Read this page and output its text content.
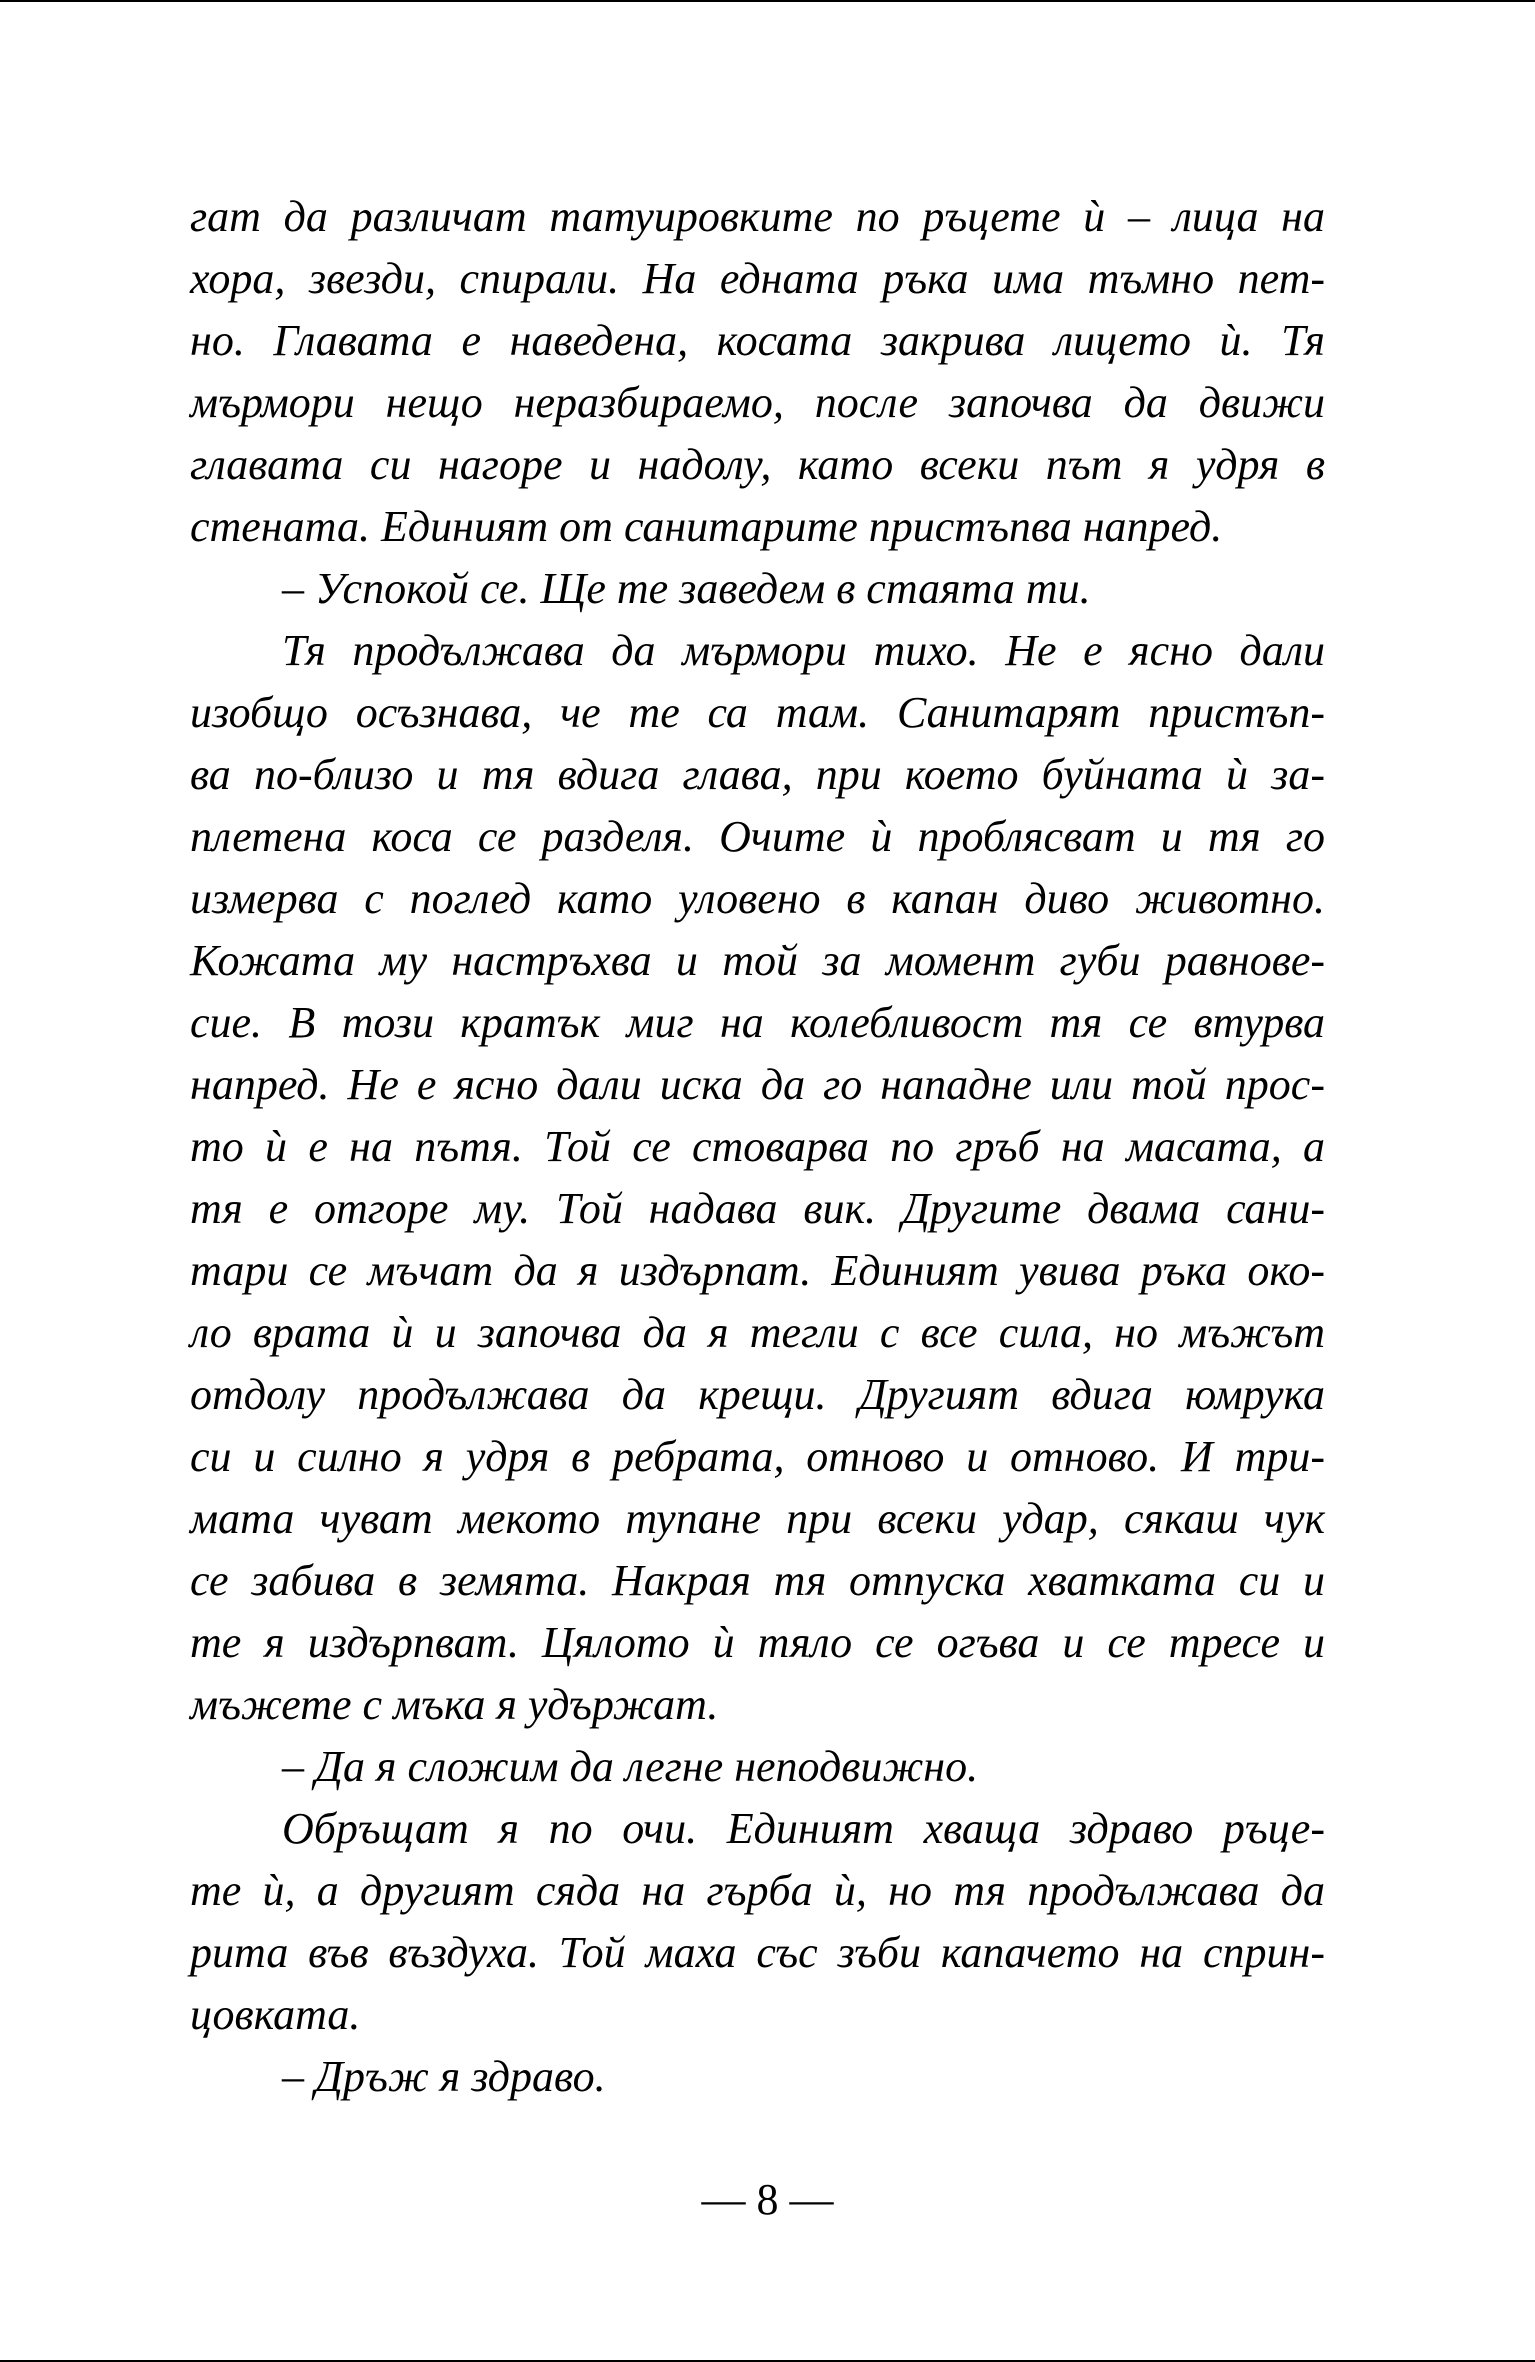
гат да различат татуировките по ръцете ѝ – лица на
хора, звезди, спирали. На едната ръка има тъмно пет-
но. Главата е наведена, косата закрива лицето ѝ. Тя
мърмори нещо неразбираемо, после започва да движи
главата си нагоре и надолу, като всеки път я удря в
стената. Единият от санитарите пристъпва напред.
– Успокой се. Ще те заведем в стаята ти.
Тя продължава да мърмори тихо. Не е ясно дали
изобщо осъзнава, че те са там. Санитарят пристъп-
ва по-близо и тя вдига глава, при което буйната ѝ за-
плетена коса се разделя. Очите ѝ проблясват и тя го
измерва с поглед като уловено в капан диво животно.
Кожата му настръхва и той за момент губи равнове-
сие. В този кратък миг на колебливост тя се втурва
напред. Не е ясно дали иска да го нападне или той прос-
то ѝ е на пътя. Той се стоварва по гръб на масата, а
тя е отгоре му. Той надава вик. Другите двама сани-
тари се мъчат да я издърпат. Единият увива ръка око-
ло врата ѝ и започва да я тегли с все сила, но мъжът
отдолу продължава да крещи. Другият вдига юмрука
си и силно я удря в ребрата, отново и отново. И три-
мата чуват мекото тупане при всеки удар, сякаш чук
се забива в земята. Накрая тя отпуска хватката си и
те я издърпват. Цялото ѝ тяло се огъва и се тресе и
мъжете с мъка я удържат.
– Да я сложим да легне неподвижно.
Обръщат я по очи. Единият хваща здраво ръце-
те ѝ, а другият сяда на гърба ѝ, но тя продължава да
рита във въздуха. Той маха със зъби капачето на сприн-
цовката.
– Дръж я здраво.
— 8 —
